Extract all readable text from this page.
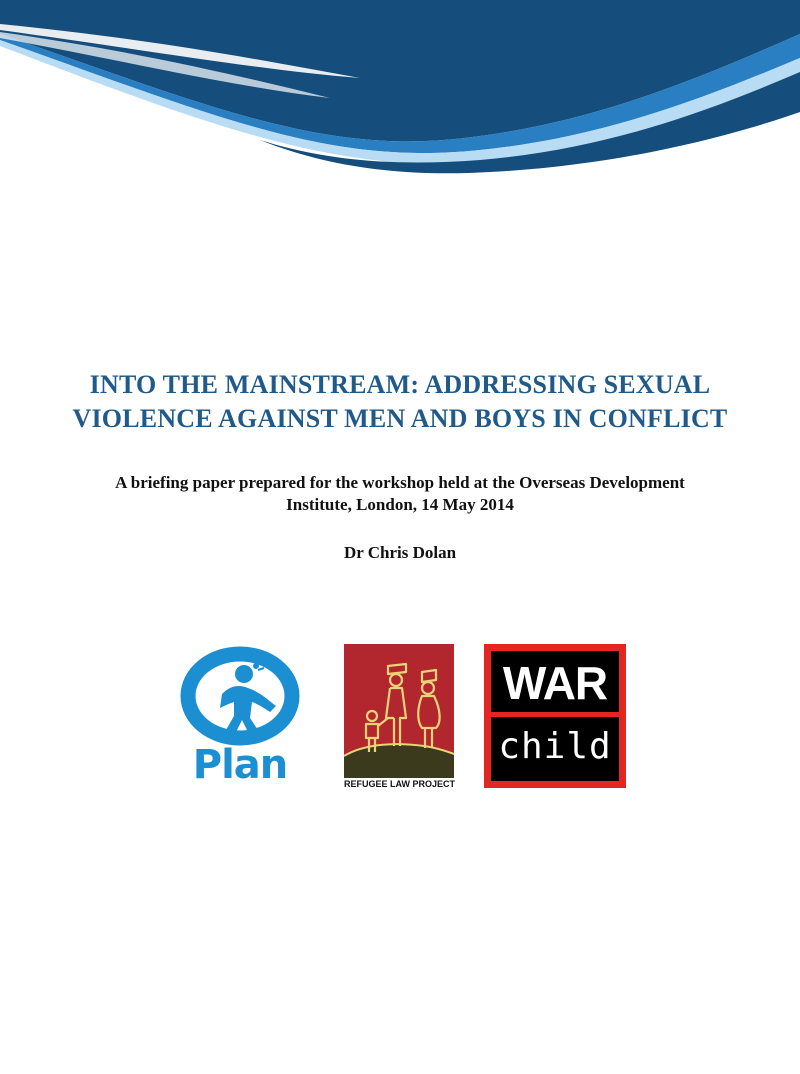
INTO THE MAINSTREAM: ADDRESSING SEXUAL
VIOLENCE AGAINST MEN AND BOYS IN CONFLICT

A briefing paper prepared for the workshop held at the Overseas Development
Institute, London, 14 May 2014

Dr Chris Dolan
Plan	REFUGEE LAW PROJECT
WAR
child
